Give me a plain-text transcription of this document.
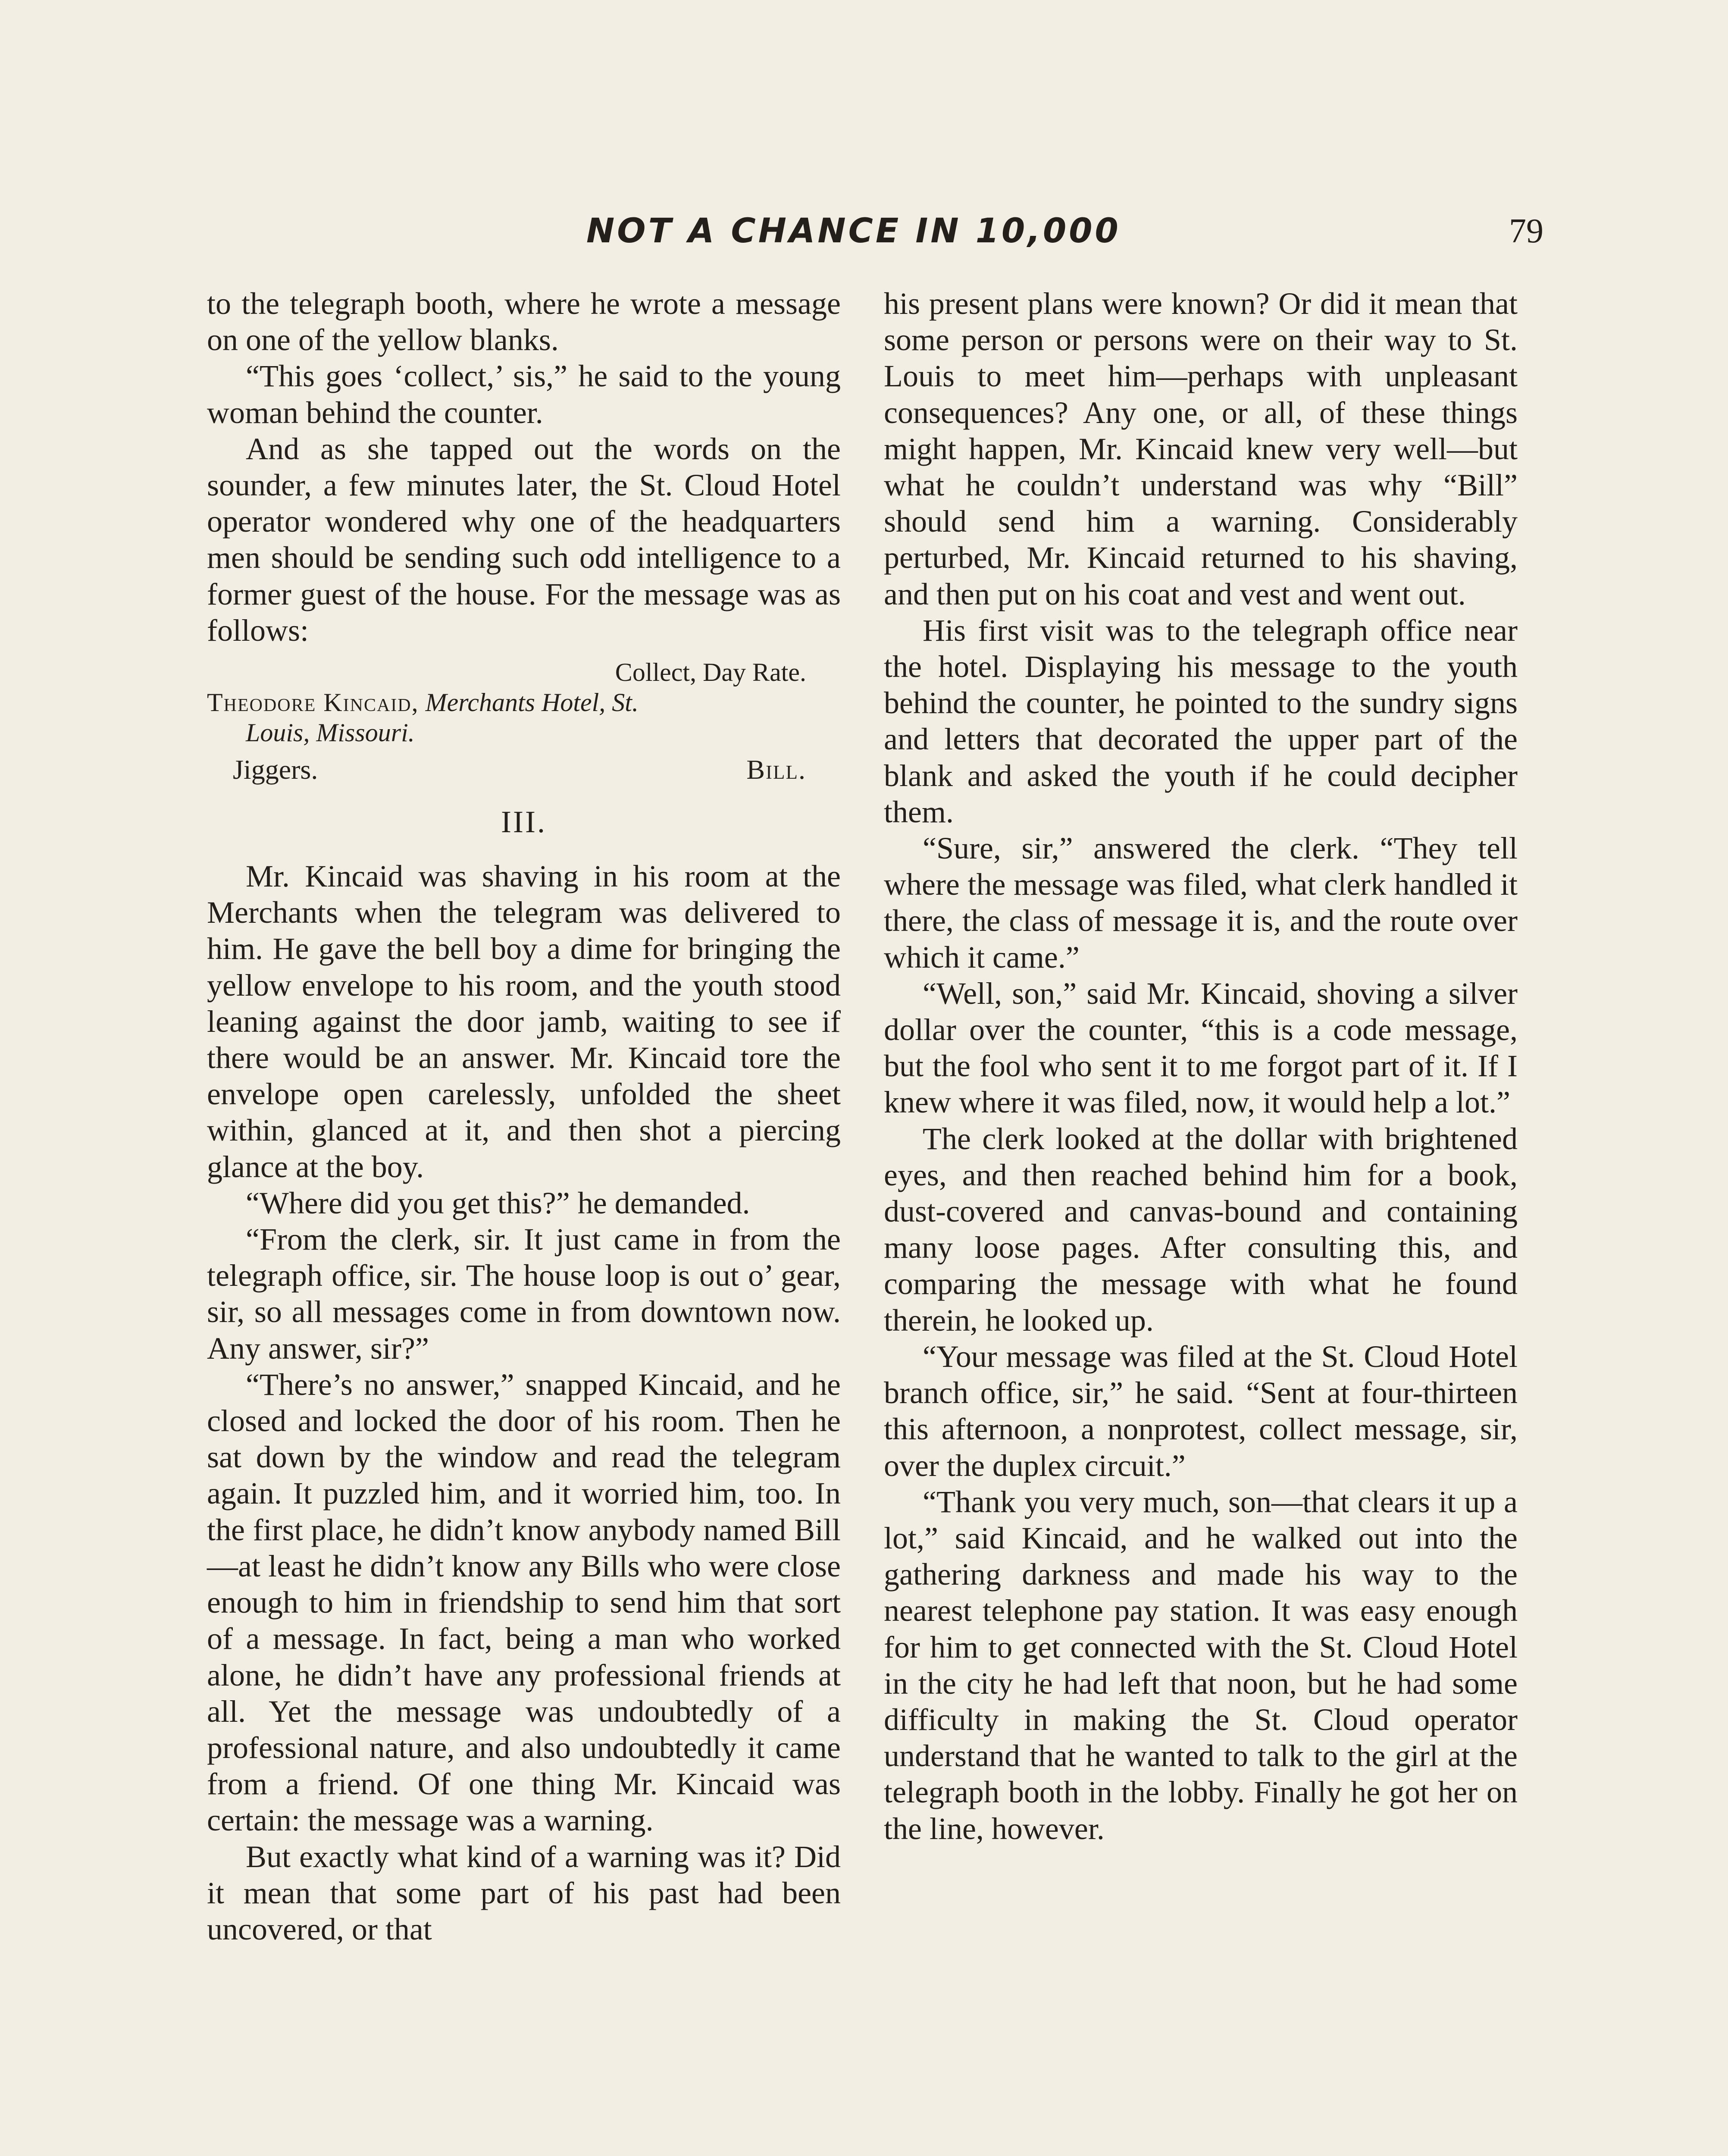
NOT A CHANCE IN 10,000	79

to the telegraph booth, where he wrote a message on one of the yellow blanks.

“This goes ‘collect,’ sis,” he said to the young woman behind the counter.

And as she tapped out the words on the sounder, a few minutes later, the St. Cloud Hotel operator wondered why one of the headquarters men should be sending such odd intelligence to a former guest of the house. For the message was as follows:

Collect, Day Rate.
Theodore Kincaid, Merchants Hotel, St.
Louis, Missouri.
Jiggers.	Bill.
III.

Mr. Kincaid was shaving in his room at the Merchants when the telegram was delivered to him. He gave the bell boy a dime for bringing the yellow envelope to his room, and the youth stood leaning against the door jamb, waiting to see if there would be an answer. Mr. Kincaid tore the envelope open carelessly, unfolded the sheet within, glanced at it, and then shot a piercing glance at the boy.

“Where did you get this?” he demanded.

“From the clerk, sir. It just came in from the telegraph office, sir. The house loop is out o’ gear, sir, so all messages come in from downtown now. Any answer, sir?”

“There’s no answer,” snapped Kincaid, and he closed and locked the door of his room. Then he sat down by the window and read the telegram again. It puzzled him, and it worried him, too. In the first place, he didn’t know anybody named Bill—at least he didn’t know any Bills who were close enough to him in friendship to send him that sort of a message. In fact, being a man who worked alone, he didn’t have any professional friends at all. Yet the message was undoubtedly of a professional nature, and also undoubtedly it came from a friend. Of one thing Mr. Kincaid was certain: the message was a warning.

But exactly what kind of a warning was it? Did it mean that some part of his past had been uncovered, or that

his present plans were known? Or did it mean that some person or persons were on their way to St. Louis to meet him—perhaps with unpleasant consequences? Any one, or all, of these things might happen, Mr. Kincaid knew very well—but what he couldn’t understand was why “Bill” should send him a warning. Considerably perturbed, Mr. Kincaid returned to his shaving, and then put on his coat and vest and went out.

His first visit was to the telegraph office near the hotel. Displaying his message to the youth behind the counter, he pointed to the sundry signs and letters that decorated the upper part of the blank and asked the youth if he could decipher them.

“Sure, sir,” answered the clerk. “They tell where the message was filed, what clerk handled it there, the class of message it is, and the route over which it came.”

“Well, son,” said Mr. Kincaid, shoving a silver dollar over the counter, “this is a code message, but the fool who sent it to me forgot part of it. If I knew where it was filed, now, it would help a lot.”

The clerk looked at the dollar with brightened eyes, and then reached behind him for a book, dust-covered and canvas-bound and containing many loose pages. After consulting this, and comparing the message with what he found therein, he looked up.

“Your message was filed at the St. Cloud Hotel branch office, sir,” he said. “Sent at four-thirteen this afternoon, a nonprotest, collect message, sir, over the duplex circuit.”

“Thank you very much, son—that clears it up a lot,” said Kincaid, and he walked out into the gathering darkness and made his way to the nearest telephone pay station. It was easy enough for him to get connected with the St. Cloud Hotel in the city he had left that noon, but he had some difficulty in making the St. Cloud operator understand that he wanted to talk to the girl at the telegraph booth in the lobby. Finally he got her on the line, however.
